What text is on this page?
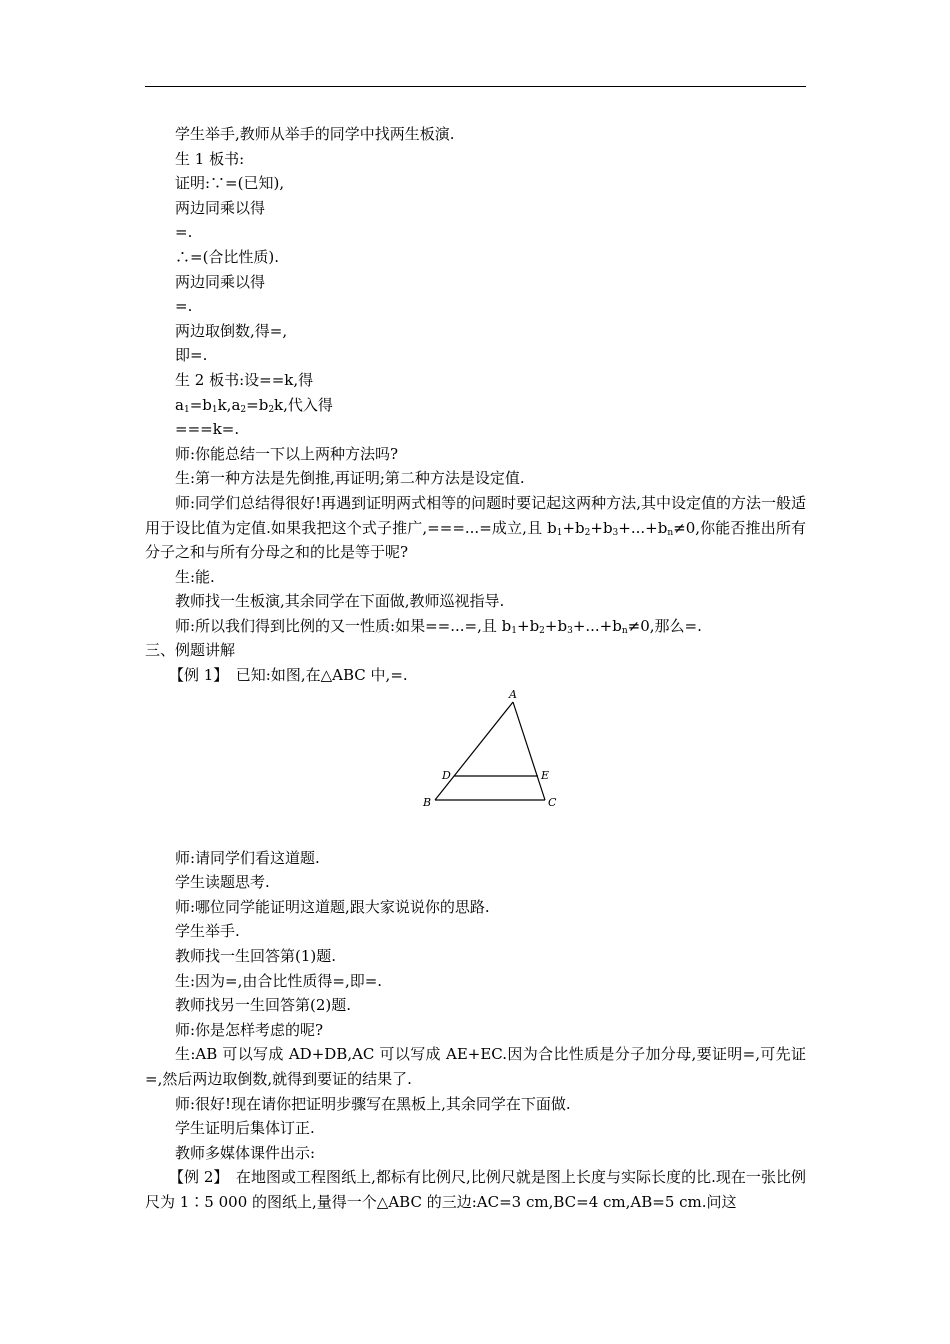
学生举手,教师从举手的同学中找两生板演.

生 1 板书:

证明:∵=(已知),

两边同乘以得

=.

∴=(合比性质).

两边同乘以得

=.

两边取倒数,得=,

即=.

生 2 板书:设==k,得

$a_1=b_1k,a_2=b_2k$,代入得

===k=.

师:你能总结一下以上两种方法吗?

生:第一种方法是先倒推,再证明;第二种方法是设定值.

师:同学们总结得很好!再遇到证明两式相等的问题时要记起这两种方法,其中设定值的方法一般适用于设比值为定值.如果我把这个式子推广,===...=成立,且 $b_1+b_2+b_3+...+b_n\ne 0$,你能否推出所有分子之和与所有分母之和的比是等于呢?

生:能.

教师找一生板演,其余同学在下面做,教师巡视指导.

师:所以我们得到比例的又一性质:如果==...=,且 $b_1+b_2+b_3+...+b_n\ne 0$,那么=.

三、例题讲解

【例 1】　已知:如图,在△ABC 中,=.

A
B	C
D	E

师:请同学们看这道题.

学生读题思考.

师:哪位同学能证明这道题,跟大家说说你的思路.

学生举手.

教师找一生回答第(1)题.

生:因为=,由合比性质得=,即=.

教师找另一生回答第(2)题.

师:你是怎样考虑的呢?

生:AB 可以写成 AD+DB,AC 可以写成 AE+EC.因为合比性质是分子加分母,要证明=,可先证=,然后两边取倒数,就得到要证的结果了.

师:很好!现在请你把证明步骤写在黑板上,其余同学在下面做.

学生证明后集体订正.

教师多媒体课件出示:

【例 2】　在地图或工程图纸上,都标有比例尺,比例尺就是图上长度与实际长度的比.现在一张比例尺为 1∶5 000 的图纸上,量得一个△ABC 的三边:AC=3 cm,BC=4 cm,AB=5 cm.问这
